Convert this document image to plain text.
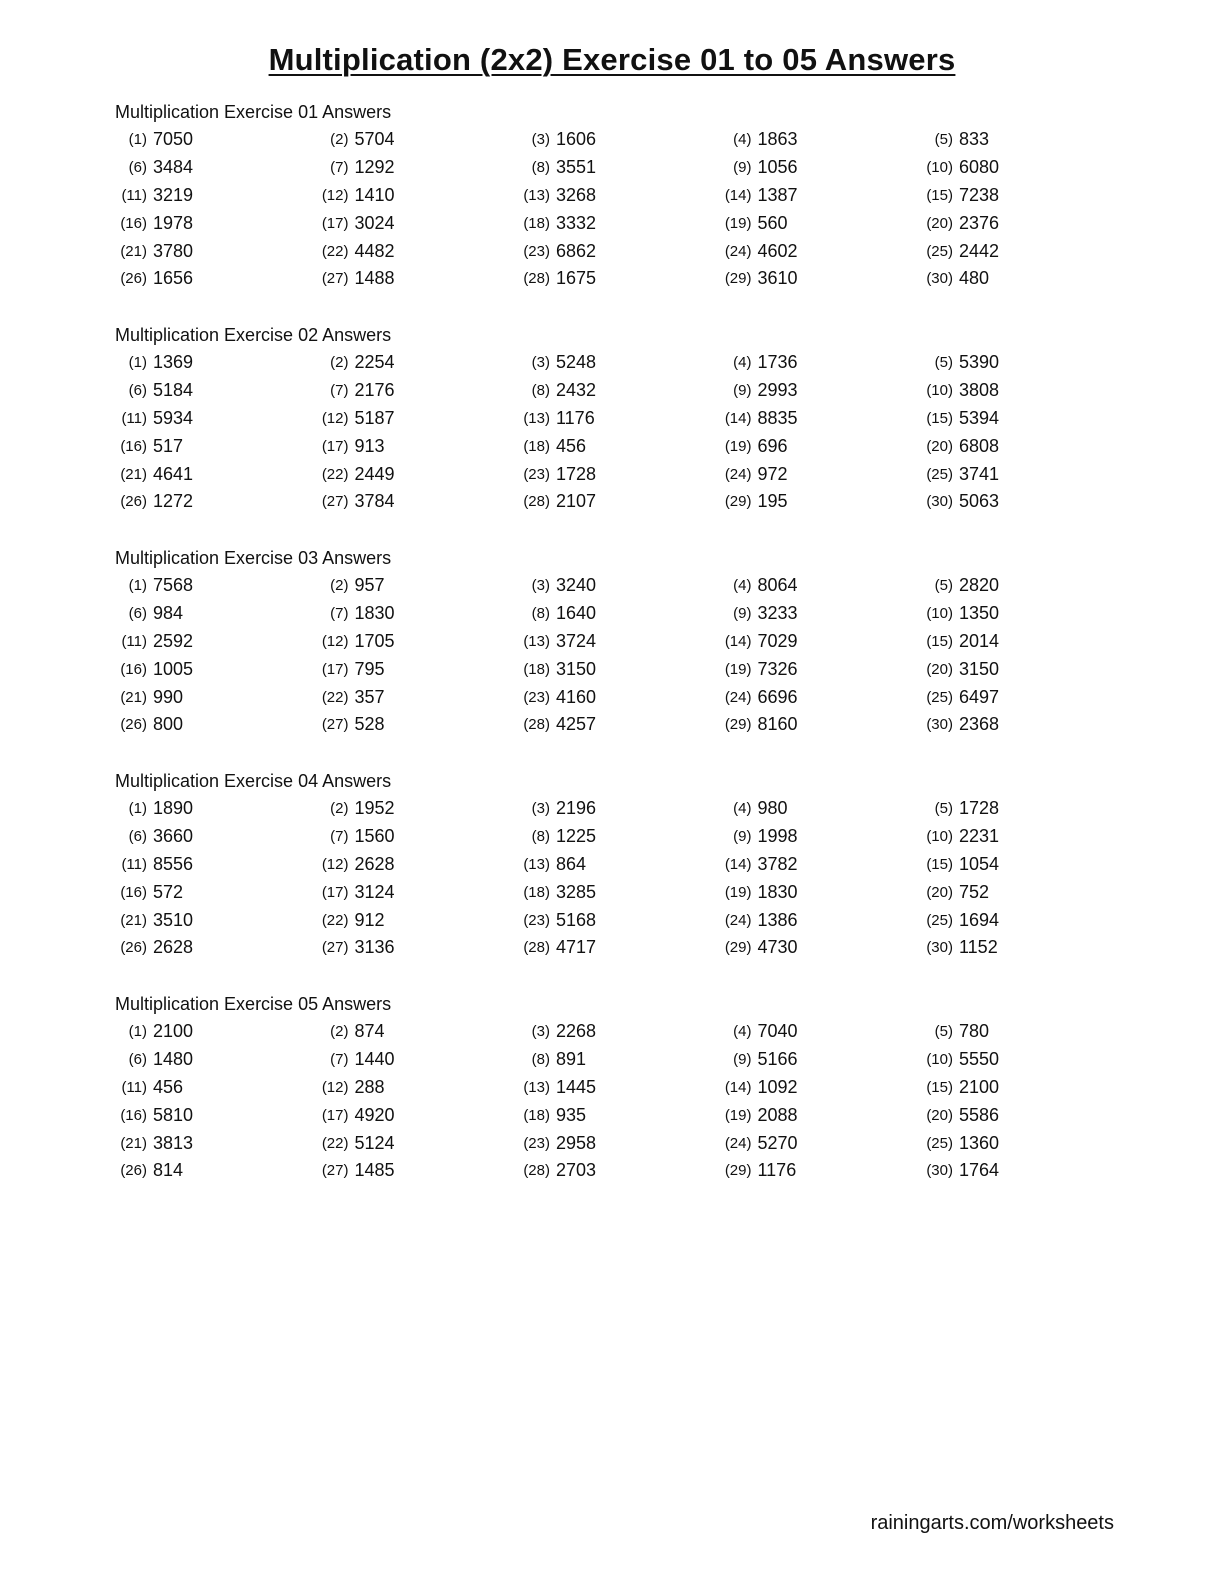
Multiplication (2x2) Exercise 01 to 05 Answers
Multiplication Exercise 01 Answers
(1) 7050	(2) 5704	(3) 1606	(4) 1863	(5) 833
(6) 3484	(7) 1292	(8) 3551	(9) 1056	(10) 6080
(11) 3219	(12) 1410	(13) 3268	(14) 1387	(15) 7238
(16) 1978	(17) 3024	(18) 3332	(19) 560	(20) 2376
(21) 3780	(22) 4482	(23) 6862	(24) 4602	(25) 2442
(26) 1656	(27) 1488	(28) 1675	(29) 3610	(30) 480
Multiplication Exercise 02 Answers
(1) 1369	(2) 2254	(3) 5248	(4) 1736	(5) 5390
(6) 5184	(7) 2176	(8) 2432	(9) 2993	(10) 3808
(11) 5934	(12) 5187	(13) 1176	(14) 8835	(15) 5394
(16) 517	(17) 913	(18) 456	(19) 696	(20) 6808
(21) 4641	(22) 2449	(23) 1728	(24) 972	(25) 3741
(26) 1272	(27) 3784	(28) 2107	(29) 195	(30) 5063
Multiplication Exercise 03 Answers
(1) 7568	(2) 957	(3) 3240	(4) 8064	(5) 2820
(6) 984	(7) 1830	(8) 1640	(9) 3233	(10) 1350
(11) 2592	(12) 1705	(13) 3724	(14) 7029	(15) 2014
(16) 1005	(17) 795	(18) 3150	(19) 7326	(20) 3150
(21) 990	(22) 357	(23) 4160	(24) 6696	(25) 6497
(26) 800	(27) 528	(28) 4257	(29) 8160	(30) 2368
Multiplication Exercise 04 Answers
(1) 1890	(2) 1952	(3) 2196	(4) 980	(5) 1728
(6) 3660	(7) 1560	(8) 1225	(9) 1998	(10) 2231
(11) 8556	(12) 2628	(13) 864	(14) 3782	(15) 1054
(16) 572	(17) 3124	(18) 3285	(19) 1830	(20) 752
(21) 3510	(22) 912	(23) 5168	(24) 1386	(25) 1694
(26) 2628	(27) 3136	(28) 4717	(29) 4730	(30) 1152
Multiplication Exercise 05 Answers
(1) 2100	(2) 874	(3) 2268	(4) 7040	(5) 780
(6) 1480	(7) 1440	(8) 891	(9) 5166	(10) 5550
(11) 456	(12) 288	(13) 1445	(14) 1092	(15) 2100
(16) 5810	(17) 4920	(18) 935	(19) 2088	(20) 5586
(21) 3813	(22) 5124	(23) 2958	(24) 5270	(25) 1360
(26) 814	(27) 1485	(28) 2703	(29) 1176	(30) 1764
rainingarts.com/worksheets
